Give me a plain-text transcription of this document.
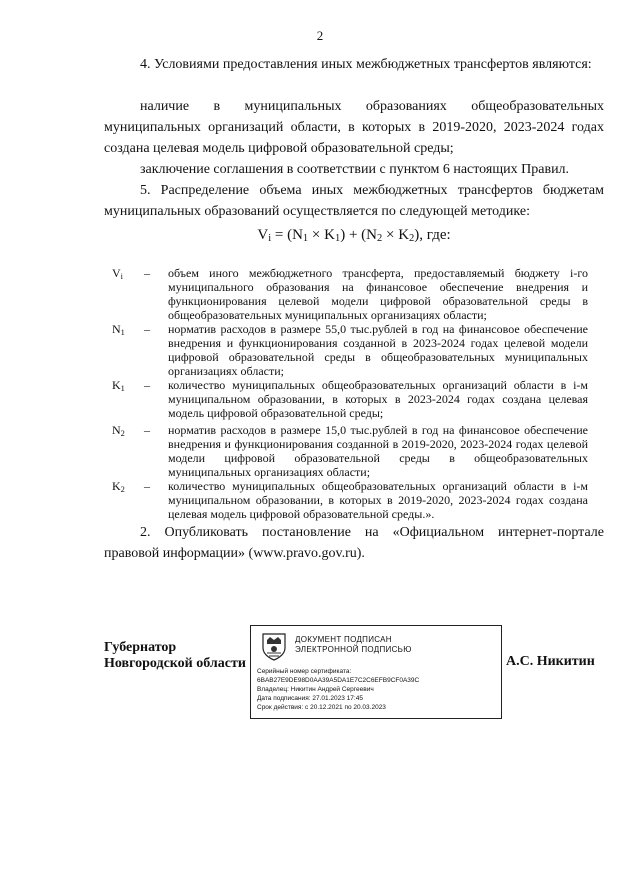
2
4. Условиями предоставления иных межбюджетных трансфертов являются:
наличие в муниципальных образованиях общеобразовательных муниципальных организаций области, в которых в 2019-2020, 2023-2024 годах создана целевая модель цифровой образовательной среды;
заключение соглашения в соответствии с пунктом 6 настоящих Правил.
5. Распределение объема иных межбюджетных трансфертов бюджетам муниципальных образований осуществляется по следующей методике:
$V_i = (N_1 \times K_1) + (N_2 \times K_2)$, где:
$V_i$	– объем иного межбюджетного трансферта, предоставляемый бюджету i-го муниципального образования на финансовое обеспечение внедрения и функционирования целевой модели цифровой образовательной среды в общеобразовательных муниципальных организациях области;
$N_1$	– норматив расходов в размере 55,0 тыс.рублей в год на финансовое обеспечение внедрения и функционирования созданной в 2023-2024 годах целевой модели цифровой образовательной среды в общеобразовательных муниципальных организациях области;
$K_1$	– количество муниципальных общеобразовательных организаций области в i-м муниципальном образовании, в которых в 2023-2024 годах создана целевая модель цифровой образовательной среды;
$N_2$	– норматив расходов в размере 15,0 тыс.рублей в год на финансовое обеспечение внедрения и функционирования созданной в 2019-2020, 2023-2024 годах целевой модели цифровой образовательной среды в общеобразовательных муниципальных организациях области;
$K_2$	– количество муниципальных общеобразовательных организаций области в i-м муниципальном образовании, в которых в 2019-2020, 2023-2024 годах создана целевая модель цифровой образовательной среды.».
2. Опубликовать постановление на «Официальном интернет-портале правовой информации» (www.pravo.gov.ru).
Губернатор
Новгородской области
ДОКУМЕНТ ПОДПИСАН
ЭЛЕКТРОННОЙ ПОДПИСЬЮ
Серийный номер сертификата:
6BAB27E9DE98D0AA39A5DA1E7C2C6EFB9CF0A39C
Владелец: Никитин Андрей Сергеевич
Дата подписания: 27.01.2023 17:45
Срок действия: с 20.12.2021 по 20.03.2023
А.С. Никитин
